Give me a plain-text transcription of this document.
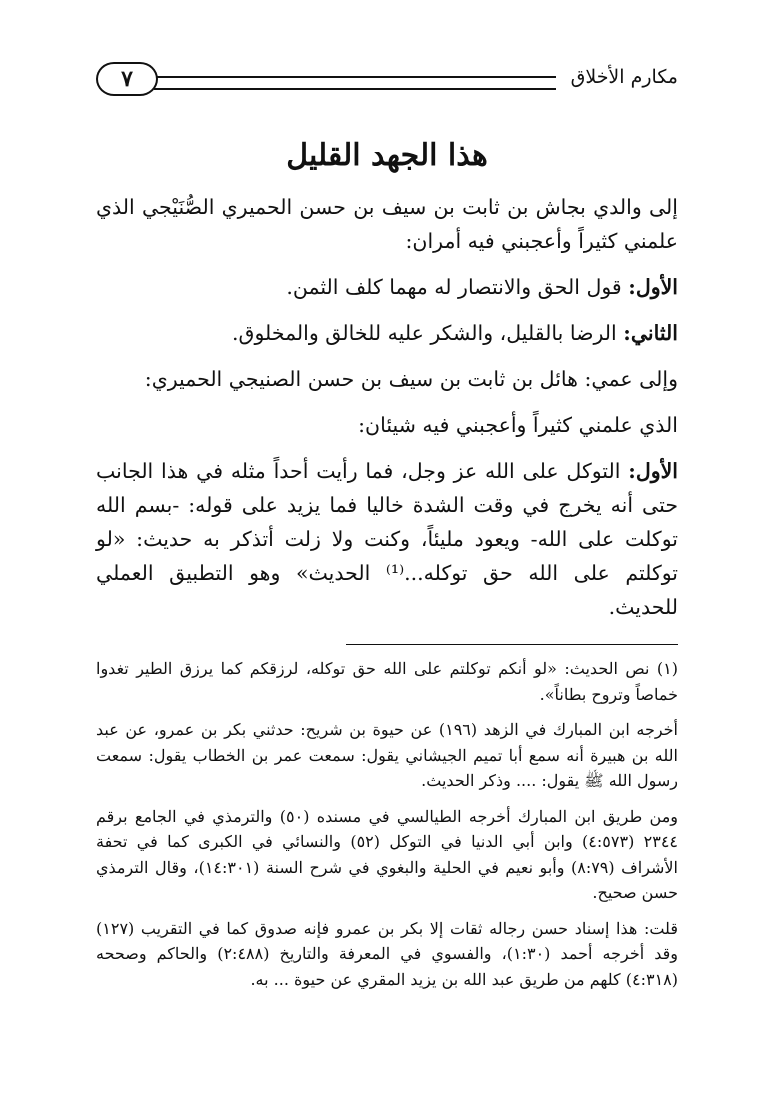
مكارم الأخلاق
٧
هذا الجهد القليل

إلى والدي بجاش بن ثابت بن سيف بن حسن الحميري الصُّنَيْجي الذي علمني كثيراً وأعجبني فيه أمران:

الأول: قول الحق والانتصار له مهما كلف الثمن.

الثاني: الرضا بالقليل، والشكر عليه للخالق والمخلوق.

وإلى عمي: هائل بن ثابت بن سيف بن حسن الصنيجي الحميري:

الذي علمني كثيراً وأعجبني فيه شيئان:

الأول: التوكل على الله عز وجل، فما رأيت أحداً مثله في هذا الجانب حتى أنه يخرج في وقت الشدة خاليا فما يزيد على قوله: -بسم الله توكلت على الله- ويعود مليئاً، وكنت ولا زلت أتذكر به حديث: «لو توكلتم على الله حق توكله...⁽¹⁾ الحديث» وهو التطبيق العملي للحديث.

(١) نص الحديث: «لو أنكم توكلتم على الله حق توكله، لرزقكم كما يرزق الطير تغدوا خماصاً وتروح بطاناً».

أخرجه ابن المبارك في الزهد (١٩٦) عن حيوة بن شريح: حدثني بكر بن عمرو، عن عبد الله بن هبيرة أنه سمع أبا تميم الجيشاني يقول: سمعت عمر بن الخطاب يقول: سمعت رسول الله ﷺ يقول: .... وذكر الحديث.

ومن طريق ابن المبارك أخرجه الطيالسي في مسنده (٥٠) والترمذي في الجامع برقم ٢٣٤٤ (٤:٥٧٣) وابن أبي الدنيا في التوكل (٥٢) والنسائي في الكبرى كما في تحفة الأشراف (٨:٧٩) وأبو نعيم في الحلية والبغوي في شرح السنة (١٤:٣٠١)، وقال الترمذي حسن صحيح.

قلت: هذا إسناد حسن رجاله ثقات إلا بكر بن عمرو فإنه صدوق كما في التقريب (١٢٧) وقد أخرجه أحمد (١:٣٠)، والفسوي في المعرفة والتاريخ (٢:٤٨٨) والحاكم وصححه (٤:٣١٨) كلهم من طريق عبد الله بن يزيد المقري عن حيوة ... به.
